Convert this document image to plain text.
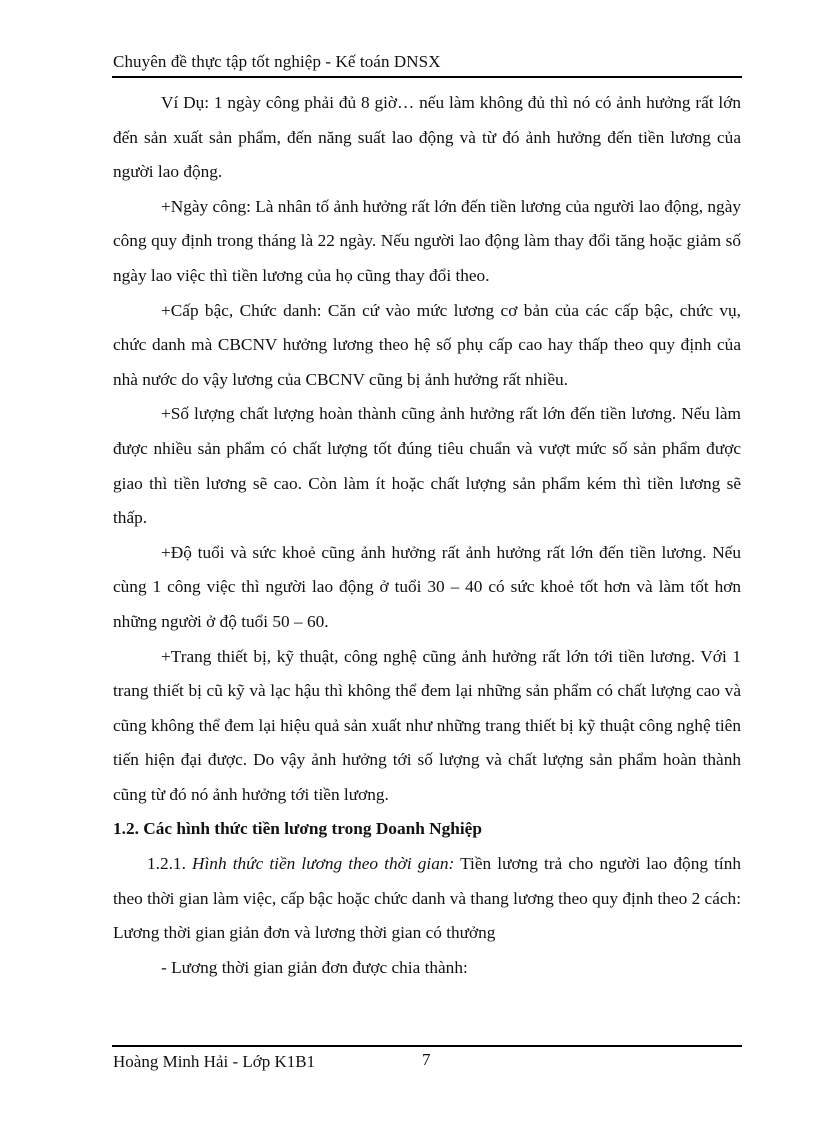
Chuyên đề thực tập tốt nghiệp - Kế toán DNSX

Ví Dụ: 1 ngày công phải đủ 8 giờ… nếu làm không đủ thì nó có ảnh hưởng rất lớn đến sản xuất sản phẩm, đến năng suất lao động và từ đó ảnh hưởng đến tiền lương của người lao động.

+Ngày công: Là nhân tố ảnh hưởng rất lớn đến tiền lương của người lao động, ngày công quy định trong tháng là 22 ngày. Nếu người lao động làm thay đổi tăng hoặc giảm số ngày lao việc thì tiền lương của họ cũng thay đổi theo.

+Cấp bậc, Chức danh: Căn cứ vào mức lương cơ bản của các cấp bậc, chức vụ, chức danh mà CBCNV hưởng lương theo hệ số phụ cấp cao hay thấp theo quy định của nhà nước do vậy lương của CBCNV cũng bị ảnh hưởng rất nhiều.

+Số lượng chất lượng hoàn thành cũng ảnh hưởng rất lớn đến tiền lương. Nếu làm được nhiều sản phẩm có chất lượng tốt đúng tiêu chuẩn và vượt mức số sản phẩm được giao thì tiền lương sẽ cao. Còn làm ít hoặc chất lượng sản phẩm kém thì tiền lương sẽ thấp.

+Độ tuổi và sức khoẻ cũng ảnh hưởng rất ảnh hưởng rất lớn đến tiền lương. Nếu cùng 1 công việc thì người lao động ở tuổi 30 – 40 có sức khoẻ tốt hơn và làm tốt hơn những người ở độ tuổi 50 – 60.

+Trang thiết bị, kỹ thuật, công nghệ cũng ảnh hưởng rất lớn tới tiền lương. Với 1 trang thiết bị cũ kỹ và lạc hậu thì không thể đem lại những sản phẩm có chất lượng cao và cũng không thể đem lại hiệu quả sản xuất như những trang thiết bị kỹ thuật công nghệ tiên tiến hiện đại được. Do vậy ảnh hưởng tới số lượng và chất lượng sản phẩm hoàn thành cũng từ đó nó ảnh hưởng tới tiền lương.

1.2. Các hình thức tiền lương trong Doanh Nghiệp

1.2.1. Hình thức tiền lương theo thời gian: Tiền lương trả cho người lao động tính theo thời gian làm việc, cấp bậc hoặc chức danh và thang lương theo quy định theo 2 cách: Lương thời gian giản đơn và lương thời gian có thưởng

- Lương thời gian giản đơn được chia thành:

Hoàng Minh Hải - Lớp K1B1	7
